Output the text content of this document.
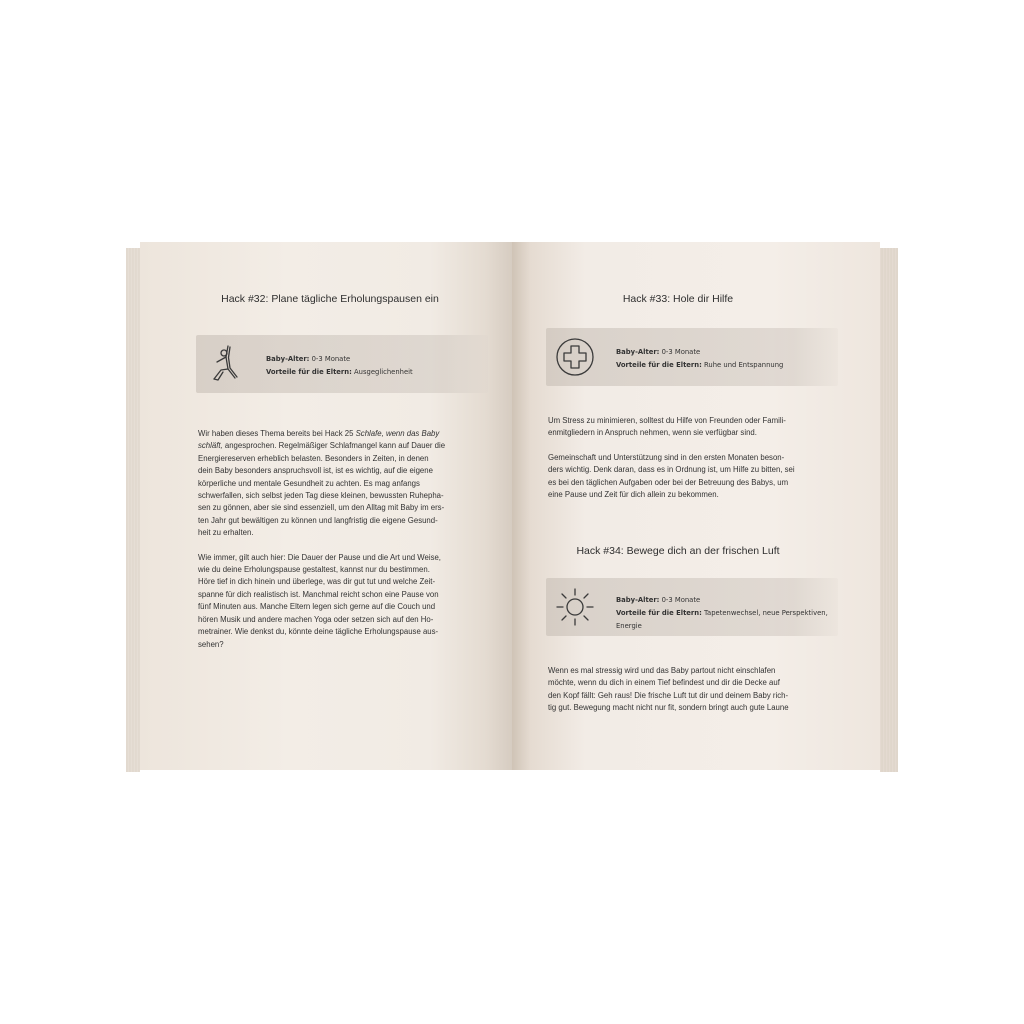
Hack #32: Plane tägliche Erholungspausen ein
Baby-Alter: 0-3 Monate
Vorteile für die Eltern: Ausgeglichenheit

Wir haben dieses Thema bereits bei Hack 25 Schlafe, wenn das Baby
schläft, angesprochen. Regelmäßiger Schlafmangel kann auf Dauer die
Energiereserven erheblich belasten. Besonders in Zeiten, in denen
dein Baby besonders anspruchsvoll ist, ist es wichtig, auf die eigene
körperliche und mentale Gesundheit zu achten. Es mag anfangs
schwerfallen, sich selbst jeden Tag diese kleinen, bewussten Ruhepha-
sen zu gönnen, aber sie sind essenziell, um den Alltag mit Baby im ers-
ten Jahr gut bewältigen zu können und langfristig die eigene Gesund-
heit zu erhalten.

Wie immer, gilt auch hier: Die Dauer der Pause und die Art und Weise,
wie du deine Erholungspause gestaltest, kannst nur du bestimmen.
Höre tief in dich hinein und überlege, was dir gut tut und welche Zeit-
spanne für dich realistisch ist. Manchmal reicht schon eine Pause von
fünf Minuten aus. Manche Eltern legen sich gerne auf die Couch und
hören Musik und andere machen Yoga oder setzen sich auf den Ho-
metrainer. Wie denkst du, könnte deine tägliche Erholungspause aus-
sehen?

Hack #33: Hole dir Hilfe
Baby-Alter: 0-3 Monate
Vorteile für die Eltern: Ruhe und Entspannung

Um Stress zu minimieren, solltest du Hilfe von Freunden oder Famili-
enmitgliedern in Anspruch nehmen, wenn sie verfügbar sind.

Gemeinschaft und Unterstützung sind in den ersten Monaten beson-
ders wichtig. Denk daran, dass es in Ordnung ist, um Hilfe zu bitten, sei
es bei den täglichen Aufgaben oder bei der Betreuung des Babys, um
eine Pause und Zeit für dich allein zu bekommen.

Hack #34: Bewege dich an der frischen Luft
Baby-Alter: 0-3 Monate
Vorteile für die Eltern: Tapetenwechsel, neue Perspektiven,
Energie

Wenn es mal stressig wird und das Baby partout nicht einschlafen
möchte, wenn du dich in einem Tief befindest und dir die Decke auf
den Kopf fällt: Geh raus! Die frische Luft tut dir und deinem Baby rich-
tig gut. Bewegung macht nicht nur fit, sondern bringt auch gute Laune
